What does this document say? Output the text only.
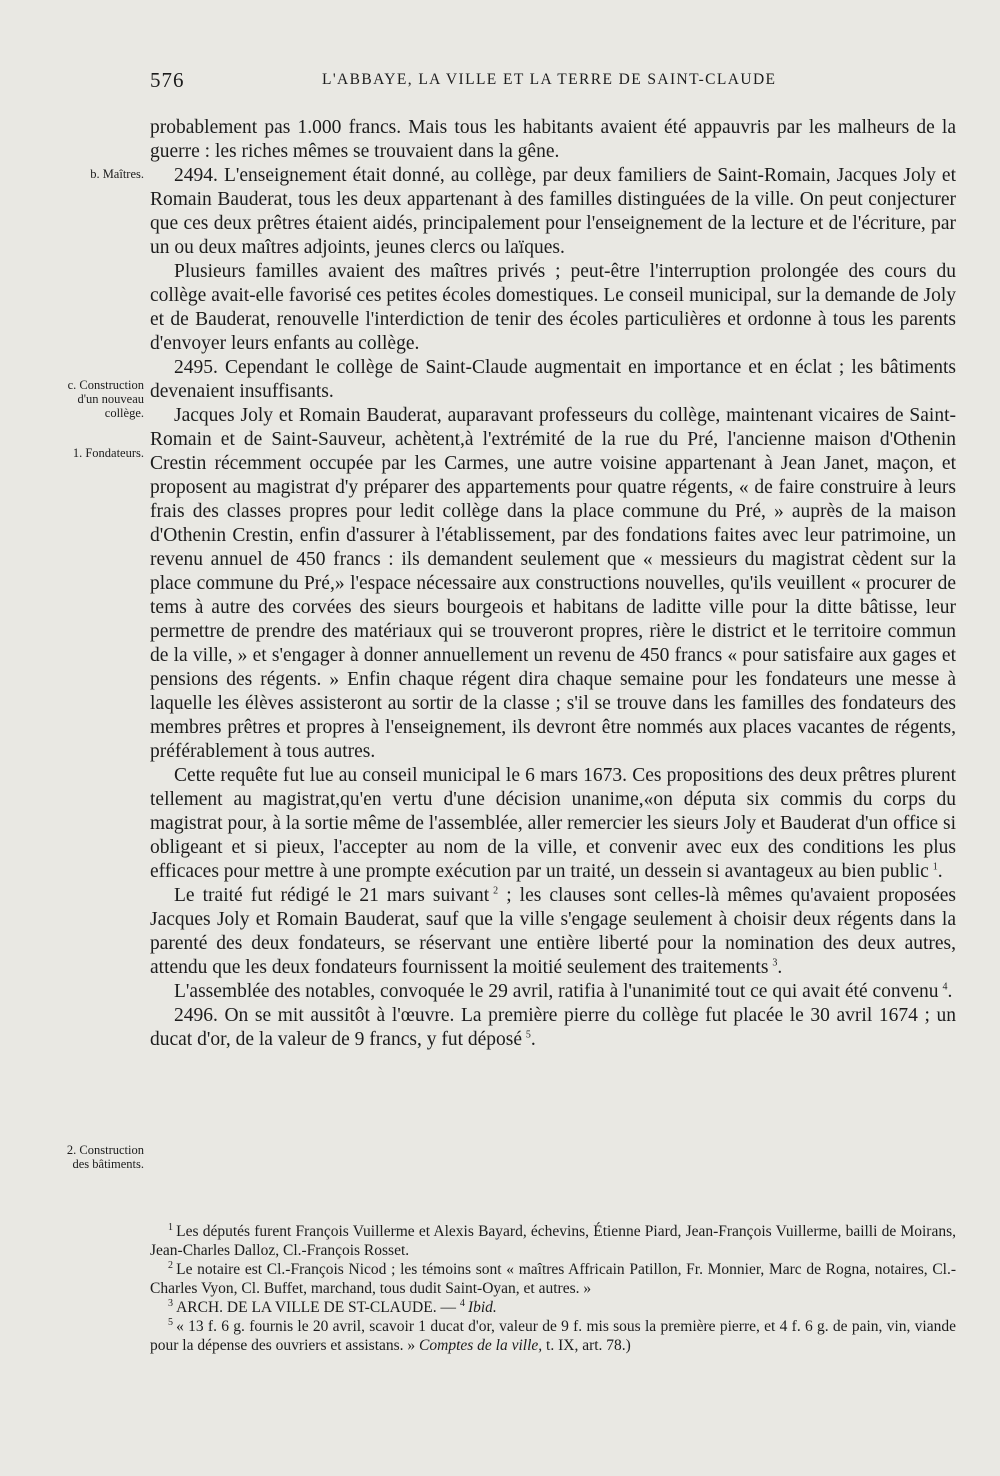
576	L'ABBAYE, LA VILLE ET LA TERRE DE SAINT-CLAUDE
b. Maîtres.
c. Construction d'un nouveau collège.
1. Fondateurs.
2. Construction des bâtiments.

probablement pas 1.000 francs. Mais tous les habitants avaient été appauvris par les malheurs de la guerre : les riches mêmes se trouvaient dans la gêne.

2494. L'enseignement était donné, au collège, par deux familiers de Saint-Romain, Jacques Joly et Romain Bauderat, tous les deux appartenant à des familles distinguées de la ville. On peut conjecturer que ces deux prêtres étaient aidés, principalement pour l'enseignement de la lecture et de l'écriture, par un ou deux maîtres adjoints, jeunes clercs ou laïques.

Plusieurs familles avaient des maîtres privés ; peut-être l'interruption prolongée des cours du collège avait-elle favorisé ces petites écoles domestiques. Le conseil municipal, sur la demande de Joly et de Bauderat, renouvelle l'interdiction de tenir des écoles particulières et ordonne à tous les parents d'envoyer leurs enfants au collège.

2495. Cependant le collège de Saint-Claude augmentait en importance et en éclat ; les bâtiments devenaient insuffisants.

Jacques Joly et Romain Bauderat, auparavant professeurs du collège, maintenant vicaires de Saint-Romain et de Saint-Sauveur, achètent,à l'extrémité de la rue du Pré, l'ancienne maison d'Othenin Crestin récemment occupée par les Carmes, une autre voisine appartenant à Jean Janet, maçon, et proposent au magistrat d'y préparer des appartements pour quatre régents, « de faire construire à leurs frais des classes propres pour ledit collège dans la place commune du Pré, » auprès de la maison d'Othenin Crestin, enfin d'assurer à l'établissement, par des fondations faites avec leur patrimoine, un revenu annuel de 450 francs : ils demandent seulement que « messieurs du magistrat cèdent sur la place commune du Pré,» l'espace nécessaire aux constructions nouvelles, qu'ils veuillent « procurer de tems à autre des corvées des sieurs bourgeois et habitans de laditte ville pour la ditte bâtisse, leur permettre de prendre des matériaux qui se trouveront propres, rière le district et le territoire commun de la ville, » et s'engager à donner annuellement un revenu de 450 francs « pour satisfaire aux gages et pensions des régents. » Enfin chaque régent dira chaque semaine pour les fondateurs une messe à laquelle les élèves assisteront au sortir de la classe ; s'il se trouve dans les familles des fondateurs des membres prêtres et propres à l'enseignement, ils devront être nommés aux places vacantes de régents, préférablement à tous autres.

Cette requête fut lue au conseil municipal le 6 mars 1673. Ces propositions des deux prêtres plurent tellement au magistrat,qu'en vertu d'une décision unanime,«on députa six commis du corps du magistrat pour, à la sortie même de l'assemblée, aller remercier les sieurs Joly et Bauderat d'un office si obligeant et si pieux, l'accepter au nom de la ville, et convenir avec eux des conditions les plus efficaces pour mettre à une prompte exécution par un traité, un dessein si avantageux au bien public  $^1$.

Le traité fut rédigé le 21 mars suivant  $^2$ ; les clauses sont celles-là mêmes qu'avaient proposées Jacques Joly et Romain Bauderat, sauf que la ville s'engage seulement à choisir deux régents dans la parenté des deux fondateurs, se réservant une entière liberté pour la nomination des deux autres, attendu que les deux fondateurs fournissent la moitié seulement des traitements  $^3$.

L'assemblée des notables, convoquée le 29 avril, ratifia à l'unanimité tout ce qui avait été convenu  $^4$.

2496. On se mit aussitôt à l'œuvre. La première pierre du collège fut placée le 30 avril 1674 ; un ducat d'or, de la valeur de 9 francs, y fut déposé  $^5$.

$^1$  Les députés furent François Vuillerme et Alexis Bayard, échevins, Étienne Piard, Jean-François Vuillerme, bailli de Moirans, Jean-Charles Dalloz, Cl.-François Rosset.

$^2$  Le notaire est Cl.-François Nicod ; les témoins sont « maîtres Affricain Patillon, Fr. Monnier, Marc de Rogna, notaires, Cl.-Charles Vyon, Cl. Buffet, marchand, tous dudit Saint-Oyan, et autres. »

$^3$  ARCH. DE LA VILLE DE ST-CLAUDE. — $^4$  Ibid.

$^5$  « 13 f. 6 g. fournis le 20 avril, scavoir 1 ducat d'or, valeur de 9 f. mis sous la première pierre, et 4 f. 6 g. de pain, vin, viande pour la dépense des ouvriers et assistans. » Comptes de la ville, t. IX, art. 78.)
